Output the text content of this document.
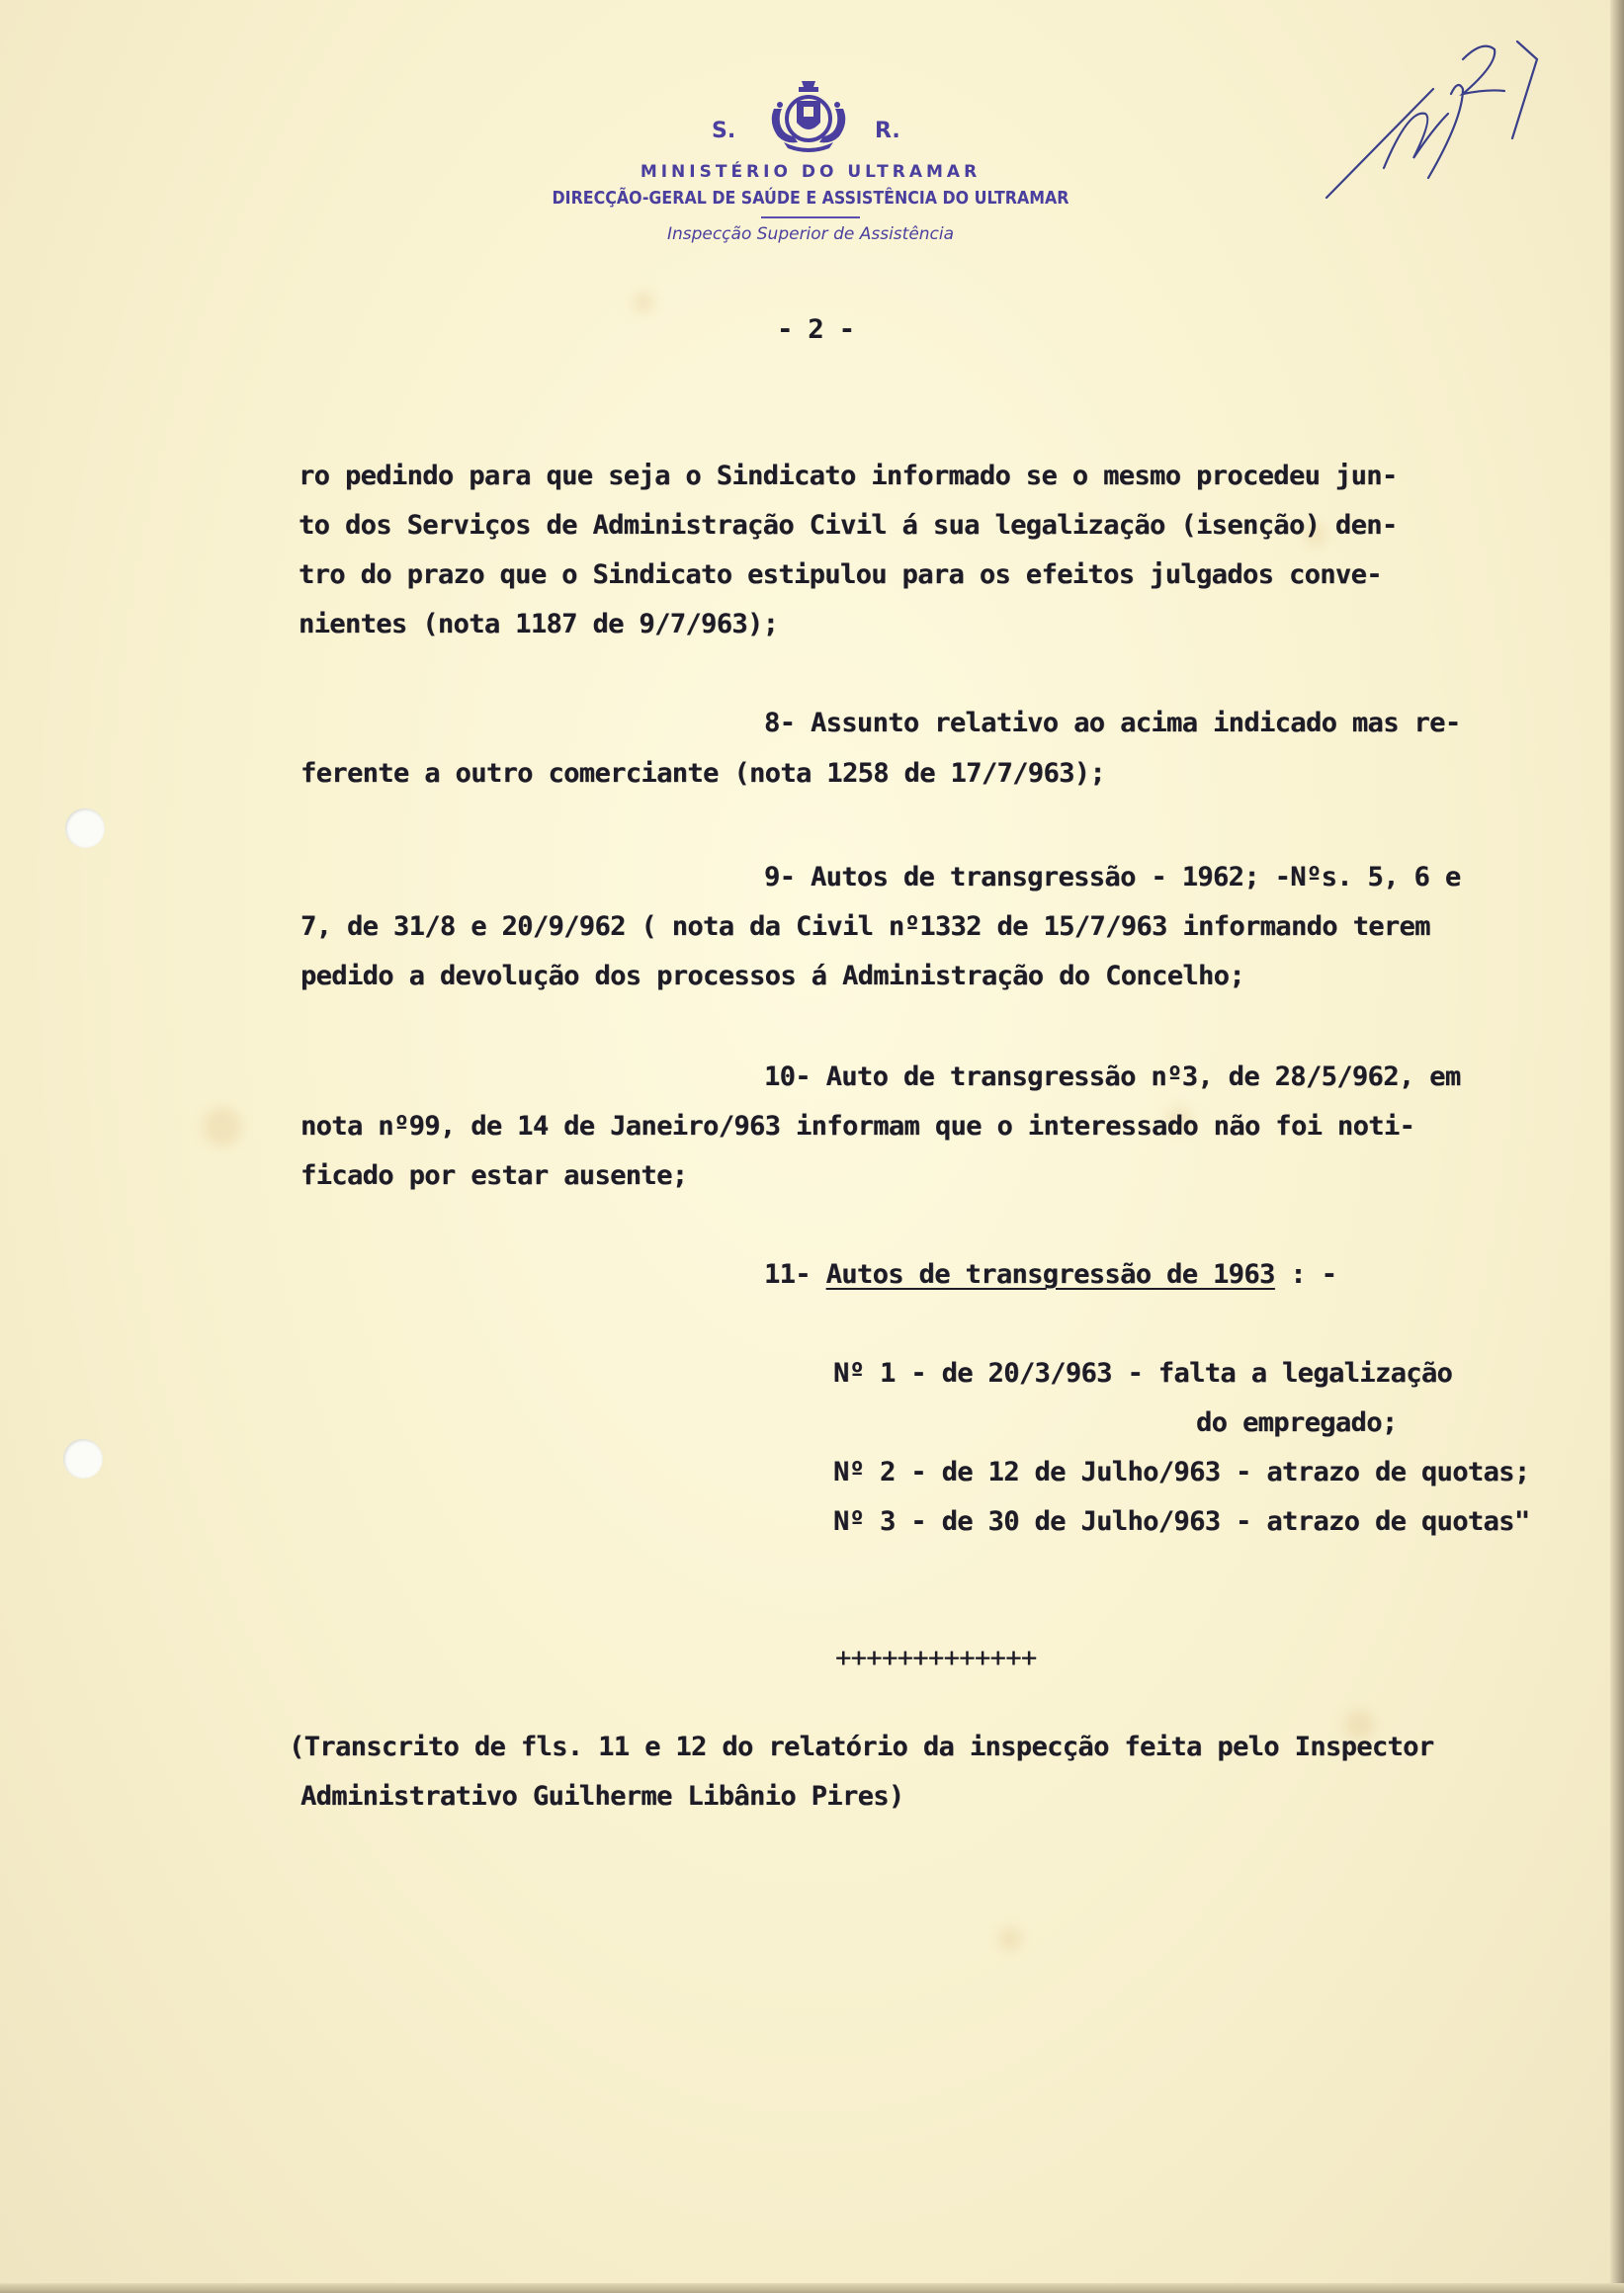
S.	R.
MINISTÉRIO DO ULTRAMAR
DIRECÇÃO-GERAL DE SAÚDE E ASSISTÊNCIA DO ULTRAMAR
Inspecção Superior de Assistência
- 2 -
ro pedindo para que seja o Sindicato informado se o mesmo procedeu jun-
to dos Serviços de Administração Civil á sua legalização (isenção) den-
tro do prazo que o Sindicato estipulou para os efeitos julgados conve-
nientes (nota 1187 de 9/7/963);
8- Assunto relativo ao acima indicado mas re-
ferente a outro comerciante (nota 1258 de 17/7/963);
9- Autos de transgressão - 1962; -Nºs. 5, 6 e
7, de 31/8 e 20/9/962 ( nota da Civil nº1332 de 15/7/963 informando terem
pedido a devolução dos processos á Administração do Concelho;
10- Auto de transgressão nº3, de 28/5/962, em
nota nº99, de 14 de Janeiro/963 informam que o interessado não foi noti-
ficado por estar ausente;
11- Autos de transgressão de 1963 : -
Nº 1 - de 20/3/963 - falta a legalização
do empregado;
Nº 2 - de 12 de Julho/963 - atrazo de quotas;
Nº 3 - de 30 de Julho/963 - atrazo de quotas"
+++++++++++++
(Transcrito de fls. 11 e 12 do relatório da inspecção feita pelo Inspector
Administrativo Guilherme Libânio Pires)
